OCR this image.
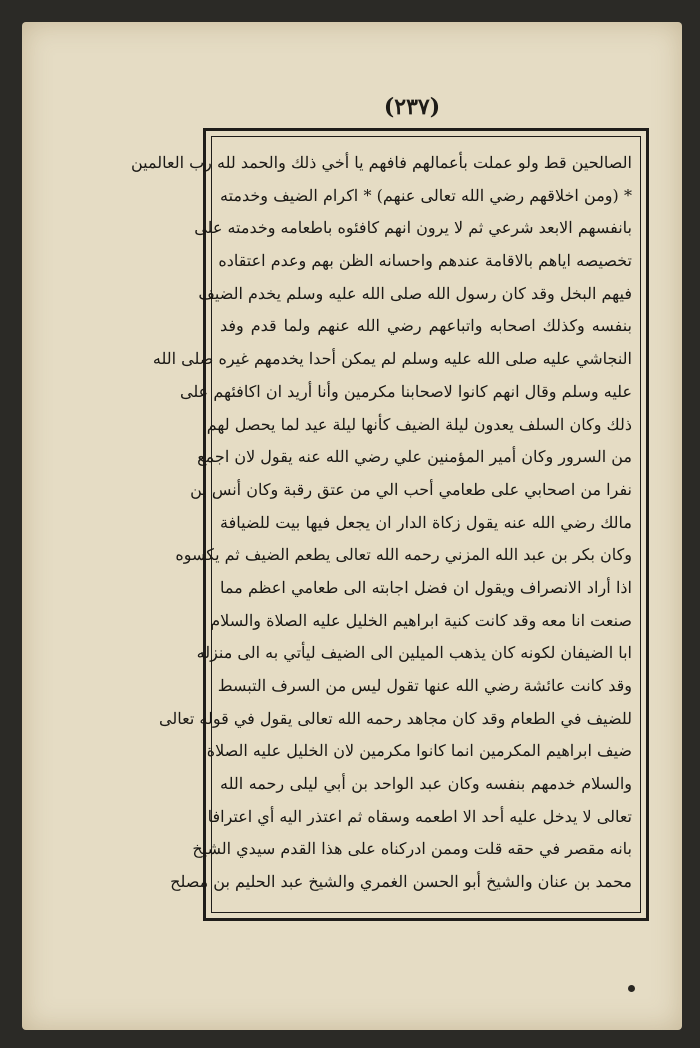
(٢٣٧)
الصالحين قط ولو عملت بأعمالهم فافهم يا أخي ذلك والحمد لله رب العالمين
* (ومن اخلاقهم رضي الله تعالى عنهم) * اكرام الضيف وخدمته
بانفسهم الابعد شرعي ثم لا يرون انهم كافئوه باطعامه وخدمته على
تخصيصه اياهم بالاقامة عندهم واحسانه الظن بهم وعدم اعتقاده
فيهم البخل وقد كان رسول الله صلى الله عليه وسلم يخدم الضيف
بنفسه وكذلك اصحابه واتباعهم رضي الله عنهم ولما قدم وفد
النجاشي عليه صلى الله عليه وسلم لم يمكن أحدا يخدمهم غيره صلى الله
عليه وسلم وقال انهم كانوا لاصحابنا مكرمين وأنا أريد ان اكافئهم على
ذلك وكان السلف يعدون ليلة الضيف كأنها ليلة عيد لما يحصل لهم
من السرور وكان أمير المؤمنين علي رضي الله عنه يقول لان اجمع
نفرا من اصحابي على طعامي أحب الي من عتق رقبة وكان أنس بن
مالك رضي الله عنه يقول زكاة الدار ان يجعل فيها بيت للضيافة
وكان بكر بن عبد الله المزني رحمه الله تعالى يطعم الضيف ثم يكسوه
اذا أراد الانصراف ويقول ان فضل اجابته الى طعامي اعظم مما
صنعت انا معه وقد كانت كنية ابراهيم الخليل عليه الصلاة والسلام
ابا الضيفان لكونه كان يذهب الميلين الى الضيف ليأتي به الى منزله
وقد كانت عائشة رضي الله عنها تقول ليس من السرف التبسط
للضيف في الطعام وقد كان مجاهد رحمه الله تعالى يقول في قوله تعالى
ضيف ابراهيم المكرمين انما كانوا مكرمين لان الخليل عليه الصلاة
والسلام خدمهم بنفسه وكان عبد الواحد بن أبي ليلى رحمه الله
تعالى لا يدخل عليه أحد الا اطعمه وسقاه ثم اعتذر اليه أي اعترافا
بانه مقصر في حقه قلت وممن ادركناه على هذا القدم سيدي الشيخ
محمد بن عنان والشيخ أبو الحسن الغمري والشيخ عبد الحليم بن مصلح
